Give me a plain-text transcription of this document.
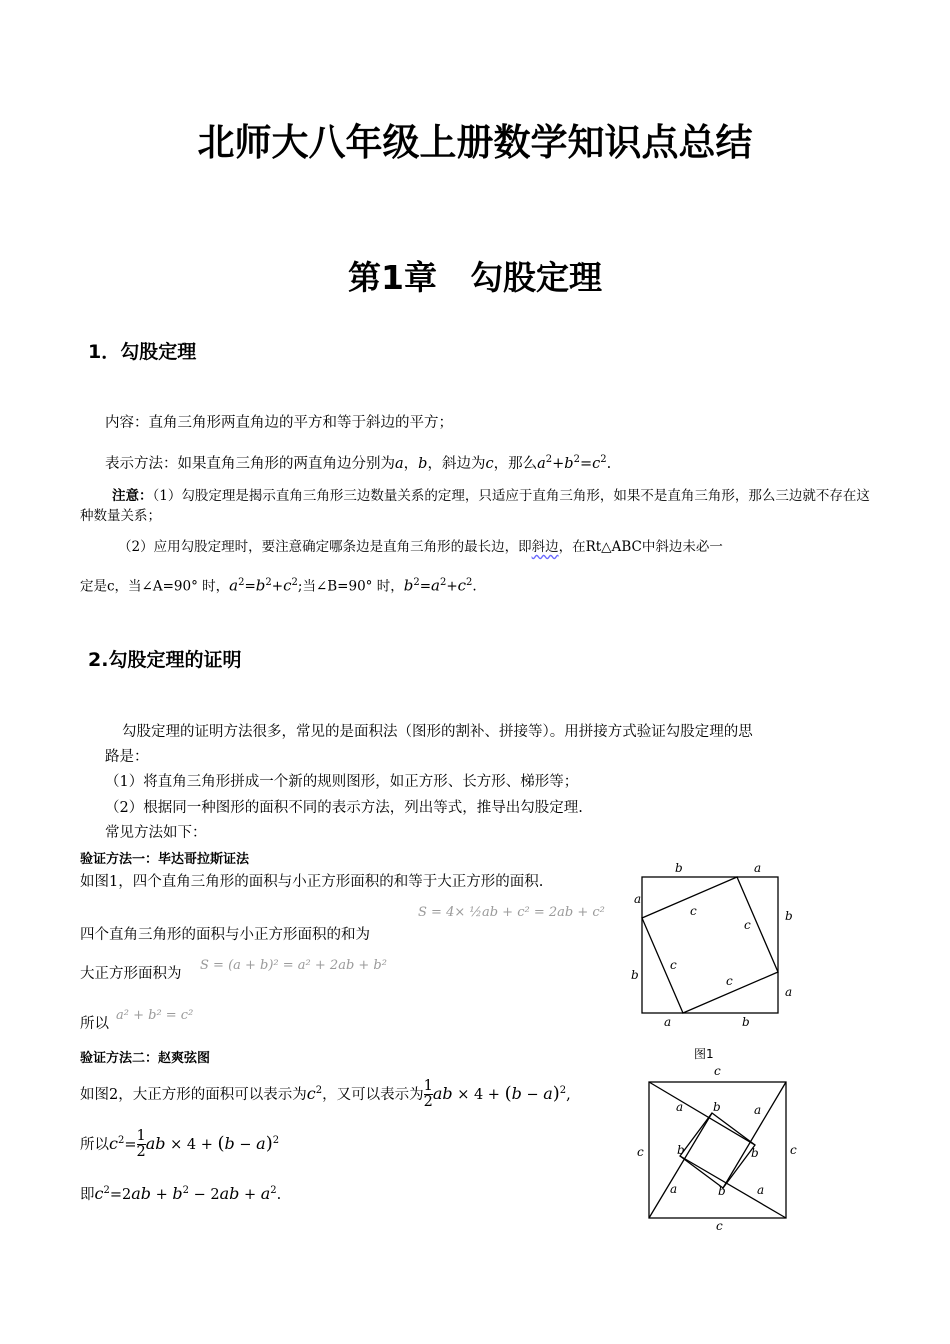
北师大八年级上册数学知识点总结
第1章　勾股定理
1．勾股定理
内容：直角三角形两直角边的平方和等于斜边的平方；
表示方法：如果直角三角形的两直角边分别为a，b，斜边为c，那么$a^2+b^2=c^2$.
注意：（1）勾股定理是揭示直角三角形三边数量关系的定理，只适应于直角三角形，如果不是直角三角形，那么三边就不存在这种数量关系；
（2）应用勾股定理时，要注意确定哪条边是直角三角形的最长边，即斜边，在Rt△ABC中斜边未必一
定是c，当∠A=90° 时，$a^2=b^2+c^2$;当∠B=90° 时，$b^2=a^2+c^2$.
2.勾股定理的证明
勾股定理的证明方法很多，常见的是面积法（图形的割补、拼接等）。用拼接方式验证勾股定理的思
路是：
（1）将直角三角形拼成一个新的规则图形，如正方形、长方形、梯形等；
（2）根据同一种图形的面积不同的表示方法，列出等式，推导出勾股定理.
常见方法如下：
验证方法一：毕达哥拉斯证法
如图1，四个直角三角形的面积与小正方形面积的和等于大正方形的面积.
S = 4× ½ab + c² = 2ab + c²
四个直角三角形的面积与小正方形面积的和为
大正方形面积为
S = (a + b)² = a² + 2ab + b²
所以
a² + b² = c²
验证方法二：赵爽弦图
如图2，大正方形的面积可以表示为$c^2$，又可以表示为 $\frac{1}{2}$ ab × $4 + (b - a)^2$,
所以$c^2= \frac{1}{2}$ ab × $4 + (b - a)^2$
即$c^2=2ab + b^2 - 2ab + a^2$.
b	a
a
b
c
c
c
c
b
a
a	b
图1
c
c	c
c
a b	a
b	b
a	b	a
